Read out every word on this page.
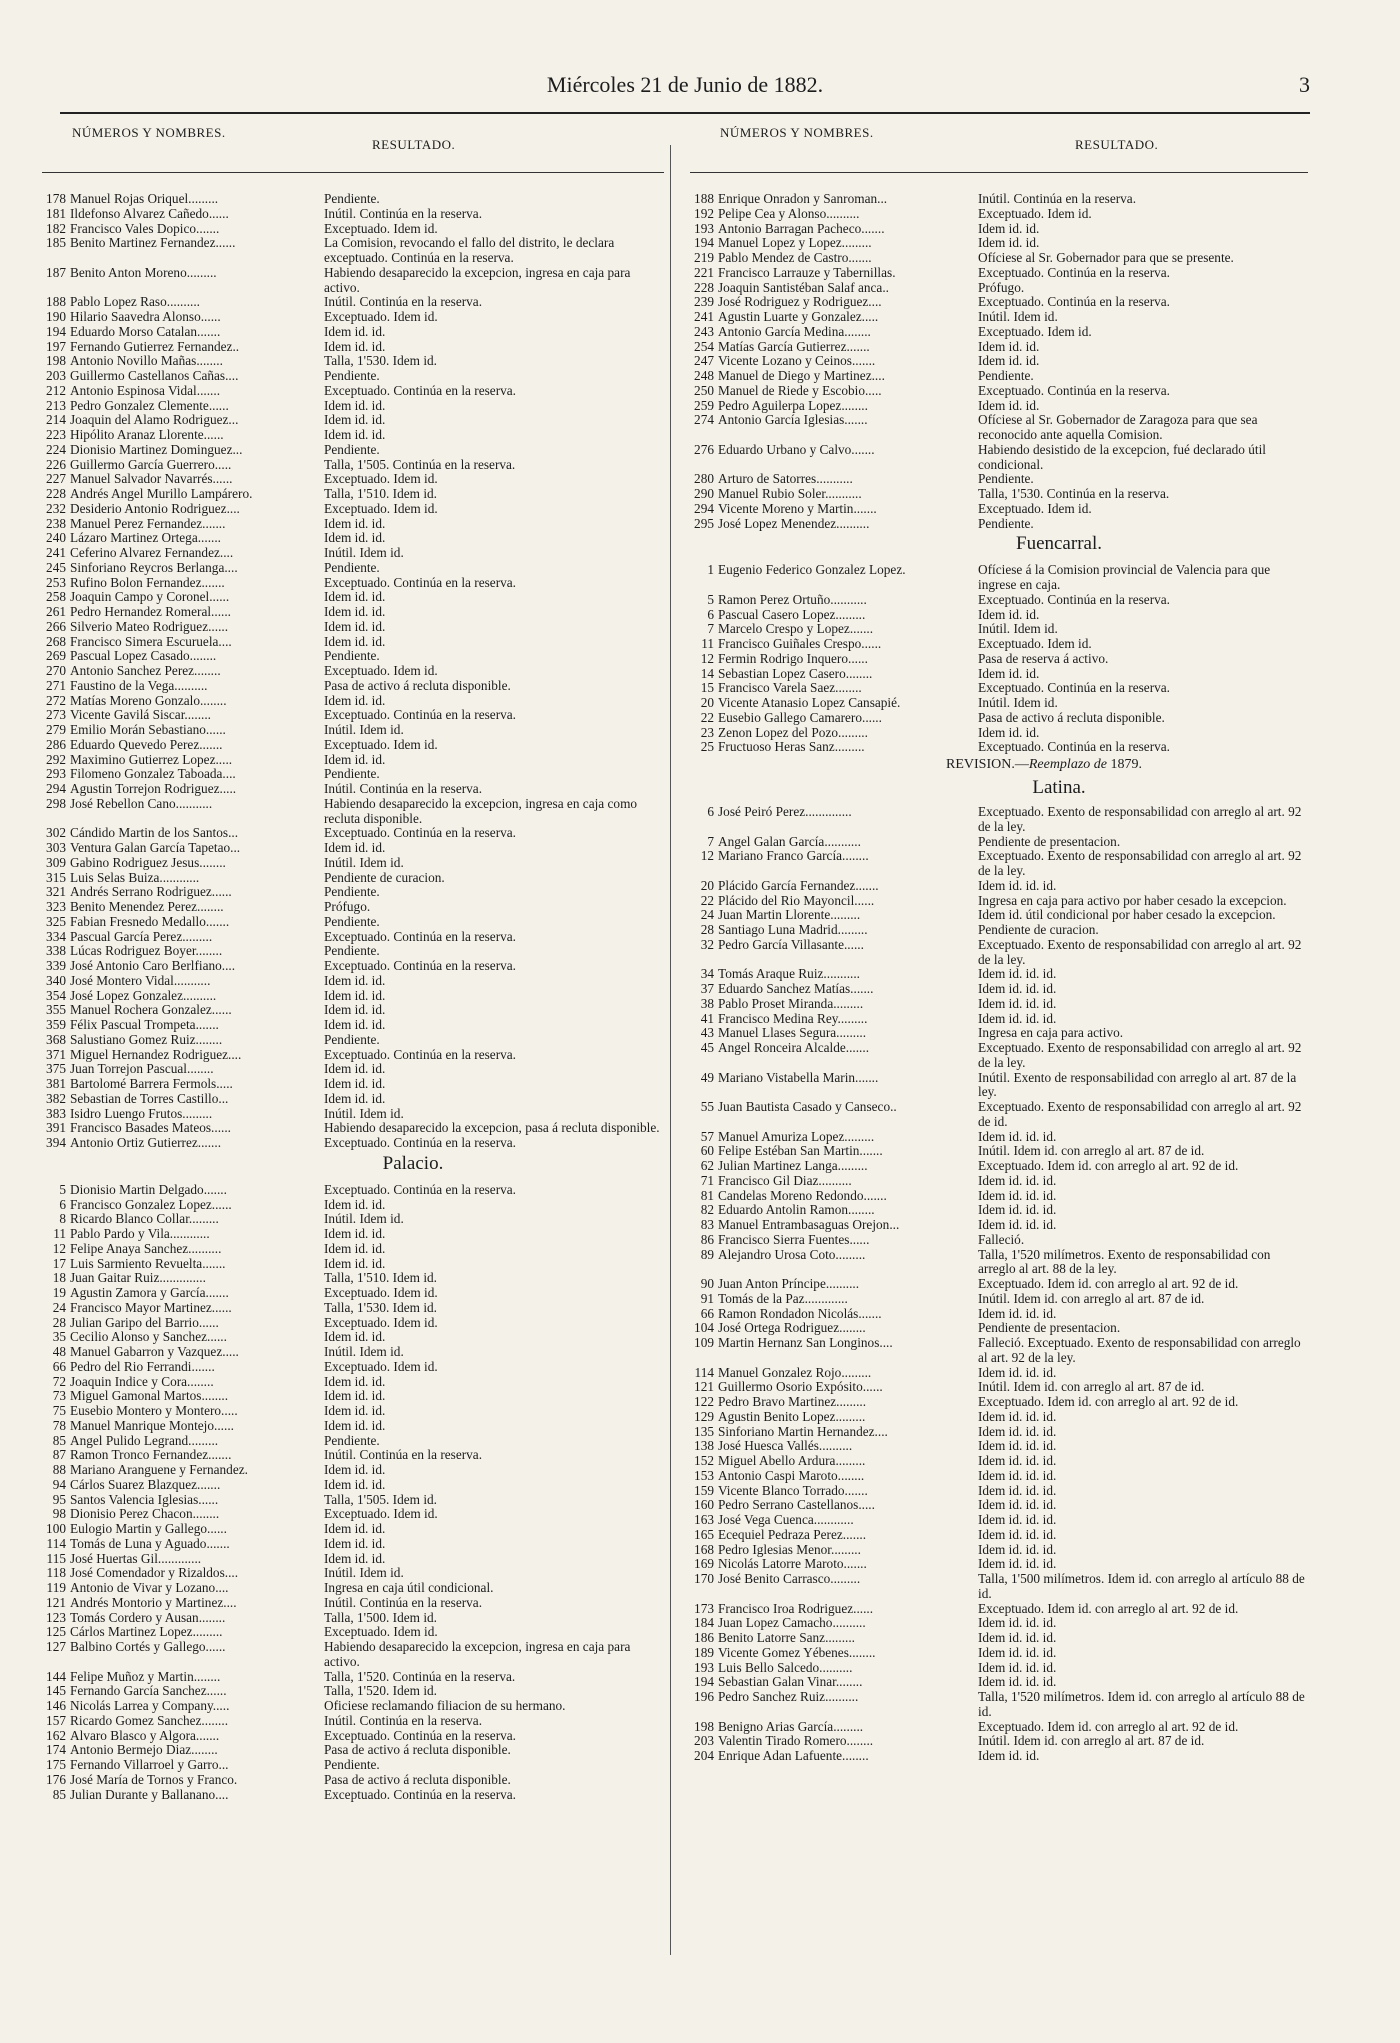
Miércoles 21 de Junio de 1882.	3
NÚMEROS Y NOMBRES.
RESULTADO.
178 Manuel Rojas Oriquel.........	Pendiente.
181 Ildefonso Alvarez Cañedo......	Inútil. Continúa en la reserva.
182 Francisco Vales Dopico.......	Exceptuado. Idem id.
185 Benito Martinez Fernandez......	La Comision, revocando el fallo del distrito, le declara exceptuado. Continúa en la reserva.
187 Benito Anton Moreno.........	Habiendo desaparecido la excepcion, ingresa en caja para activo.
188 Pablo Lopez Raso..........	Inútil. Continúa en la reserva.
190 Hilario Saavedra Alonso......	Exceptuado. Idem id.
194 Eduardo Morso Catalan.......	Idem id. id.
197 Fernando Gutierrez Fernandez..	Idem id. id.
198 Antonio Novillo Mañas........	Talla, 1'530. Idem id.
203 Guillermo Castellanos Cañas....	Pendiente.
212 Antonio Espinosa Vidal.......	Exceptuado. Continúa en la reserva.
213 Pedro Gonzalez Clemente......	Idem id. id.
214 Joaquin del Alamo Rodriguez...	Idem id. id.
223 Hipólito Aranaz Llorente......	Idem id. id.
224 Dionisio Martinez Dominguez...	Pendiente.
226 Guillermo García Guerrero.....	Talla, 1'505. Continúa en la reserva.
227 Manuel Salvador Navarrés......	Exceptuado. Idem id.
228 Andrés Angel Murillo Lampárero.	Talla, 1'510. Idem id.
232 Desiderio Antonio Rodriguez....	Exceptuado. Idem id.
238 Manuel Perez Fernandez.......	Idem id. id.
240 Lázaro Martinez Ortega.......	Idem id. id.
241 Ceferino Alvarez Fernandez....	Inútil. Idem id.
245 Sinforiano Reycros Berlanga....	Pendiente.
253 Rufino Bolon Fernandez.......	Exceptuado. Continúa en la reserva.
258 Joaquin Campo y Coronel......	Idem id. id.
261 Pedro Hernandez Romeral......	Idem id. id.
266 Silverio Mateo Rodriguez......	Idem id. id.
268 Francisco Simera Escuruela....	Idem id. id.
269 Pascual Lopez Casado........	Pendiente.
270 Antonio Sanchez Perez........	Exceptuado. Idem id.
271 Faustino de la Vega..........	Pasa de activo á recluta disponible.
272 Matías Moreno Gonzalo........	Idem id. id.
273 Vicente Gavilá Siscar........	Exceptuado. Continúa en la reserva.
279 Emilio Morán Sebastiano......	Inútil. Idem id.
286 Eduardo Quevedo Perez.......	Exceptuado. Idem id.
292 Maximino Gutierrez Lopez.....	Idem id. id.
293 Filomeno Gonzalez Taboada....	Pendiente.
294 Agustin Torrejon Rodriguez.....	Inútil. Continúa en la reserva.
298 José Rebellon Cano...........	Habiendo desaparecido la excepcion, ingresa en caja como recluta disponible.
302 Cándido Martin de los Santos...	Exceptuado. Continúa en la reserva.
303 Ventura Galan García Tapetao...	Idem id. id.
309 Gabino Rodriguez Jesus........	Inútil. Idem id.
315 Luis Selas Buiza............	Pendiente de curacion.
321 Andrés Serrano Rodriguez......	Pendiente.
323 Benito Menendez Perez........	Prófugo.
325 Fabian Fresnedo Medallo.......	Pendiente.
334 Pascual García Perez.........	Exceptuado. Continúa en la reserva.
338 Lúcas Rodriguez Boyer........	Pendiente.
339 José Antonio Caro Berlfiano....	Exceptuado. Continúa en la reserva.
340 José Montero Vidal...........	Idem id. id.
354 José Lopez Gonzalez..........	Idem id. id.
355 Manuel Rochera Gonzalez......	Idem id. id.
359 Félix Pascual Trompeta.......	Idem id. id.
368 Salustiano Gomez Ruiz........	Pendiente.
371 Miguel Hernandez Rodriguez....	Exceptuado. Continúa en la reserva.
375 Juan Torrejon Pascual........	Idem id. id.
381 Bartolomé Barrera Fermols.....	Idem id. id.
382 Sebastian de Torres Castillo...	Idem id. id.
383 Isidro Luengo Frutos.........	Inútil. Idem id.
391 Francisco Basades Mateos......	Habiendo desaparecido la excepcion, pasa á recluta disponible.
394 Antonio Ortiz Gutierrez.......	Exceptuado. Continúa en la reserva.
Palacio.
5 Dionisio Martin Delgado.......	Exceptuado. Continúa en la reserva.
6 Francisco Gonzalez Lopez......	Idem id. id.
8 Ricardo Blanco Collar.........	Inútil. Idem id.
11 Pablo Pardo y Vila............	Idem id. id.
12 Felipe Anaya Sanchez..........	Idem id. id.
17 Luis Sarmiento Revuelta.......	Idem id. id.
18 Juan Gaitar Ruiz..............	Talla, 1'510. Idem id.
19 Agustin Zamora y García.......	Exceptuado. Idem id.
24 Francisco Mayor Martinez......	Talla, 1'530. Idem id.
28 Julian Garipo del Barrio......	Exceptuado. Idem id.
35 Cecilio Alonso y Sanchez......	Idem id. id.
48 Manuel Gabarron y Vazquez.....	Inútil. Idem id.
66 Pedro del Rio Ferrandi.......	Exceptuado. Idem id.
72 Joaquin Indice y Cora........	Idem id. id.
73 Miguel Gamonal Martos........	Idem id. id.
75 Eusebio Montero y Montero.....	Idem id. id.
78 Manuel Manrique Montejo......	Idem id. id.
85 Angel Pulido Legrand.........	Pendiente.
87 Ramon Tronco Fernandez.......	Inútil. Continúa en la reserva.
88 Mariano Aranguene y Fernandez.	Idem id. id.
94 Cárlos Suarez Blazquez.......	Idem id. id.
95 Santos Valencia Iglesias......	Talla, 1'505. Idem id.
98 Dionisio Perez Chacon........	Exceptuado. Idem id.
100 Eulogio Martin y Gallego......	Idem id. id.
114 Tomás de Luna y Aguado.......	Idem id. id.
115 José Huertas Gil.............	Idem id. id.
118 José Comendador y Rizaldos....	Inútil. Idem id.
119 Antonio de Vivar y Lozano....	Ingresa en caja útil condicional.
121 Andrés Montorio y Martinez....	Inútil. Continúa en la reserva.
123 Tomás Cordero y Ausan........	Talla, 1'500. Idem id.
125 Cárlos Martinez Lopez.........	Exceptuado. Idem id.
127 Balbino Cortés y Gallego......	Habiendo desaparecido la excepcion, ingresa en caja para activo.
144 Felipe Muñoz y Martin........	Talla, 1'520. Continúa en la reserva.
145 Fernando García Sanchez......	Talla, 1'520. Idem id.
146 Nicolás Larrea y Company.....	Oficiese reclamando filiacion de su hermano.
157 Ricardo Gomez Sanchez........	Inútil. Continúa en la reserva.
162 Alvaro Blasco y Algora.......	Exceptuado. Continúa en la reserva.
174 Antonio Bermejo Diaz........	Pasa de activo á recluta disponible.
175 Fernando Villarroel y Garro...	Pendiente.
176 José María de Tornos y Franco.	Pasa de activo á recluta disponible.
85 Julian Durante y Ballanano....	Exceptuado. Continúa en la reserva.
NÚMEROS Y NOMBRES.
RESULTADO.
188 Enrique Onradon y Sanroman...	Inútil. Continúa en la reserva.
192 Pelipe Cea y Alonso..........	Exceptuado. Idem id.
193 Antonio Barragan Pacheco.......	Idem id. id.
194 Manuel Lopez y Lopez.........	Idem id. id.
219 Pablo Mendez de Castro.......	Ofíciese al Sr. Gobernador para que se presente.
221 Francisco Larrauze y Tabernillas.	Exceptuado. Continúa en la reserva.
228 Joaquin Santistéban Salaf anca..	Prófugo.
239 José Rodriguez y Rodriguez....	Exceptuado. Continúa en la reserva.
241 Agustin Luarte y Gonzalez.....	Inútil. Idem id.
243 Antonio García Medina........	Exceptuado. Idem id.
254 Matías García Gutierrez.......	Idem id. id.
247 Vicente Lozano y Ceinos.......	Idem id. id.
248 Manuel de Diego y Martinez....	Pendiente.
250 Manuel de Riede y Escobio.....	Exceptuado. Continúa en la reserva.
259 Pedro Aguilerpa Lopez........	Idem id. id.
274 Antonio García Iglesias.......	Ofíciese al Sr. Gobernador de Zaragoza para que sea reconocido ante aquella Comision.
276 Eduardo Urbano y Calvo.......	Habiendo desistido de la excepcion, fué declarado útil condicional.
280 Arturo de Satorres...........	Pendiente.
290 Manuel Rubio Soler...........	Talla, 1'530. Continúa en la reserva.
294 Vicente Moreno y Martin.......	Exceptuado. Idem id.
295 José Lopez Menendez..........	Pendiente.
Fuencarral.
1 Eugenio Federico Gonzalez Lopez.	Ofíciese á la Comision provincial de Valencia para que ingrese en caja.
5 Ramon Perez Ortuño...........	Exceptuado. Continúa en la reserva.
6 Pascual Casero Lopez.........	Idem id. id.
7 Marcelo Crespo y Lopez.......	Inútil. Idem id.
11 Francisco Guiñales Crespo......	Exceptuado. Idem id.
12 Fermin Rodrigo Inquero......	Pasa de reserva á activo.
14 Sebastian Lopez Casero........	Idem id. id.
15 Francisco Varela Saez........	Exceptuado. Continúa en la reserva.
20 Vicente Atanasio Lopez Cansapié.	Inútil. Idem id.
22 Eusebio Gallego Camarero......	Pasa de activo á recluta disponible.
23 Zenon Lopez del Pozo.........	Idem id. id.
25 Fructuoso Heras Sanz.........	Exceptuado. Continúa en la reserva.
REVISION.—Reemplazo de 1879.
Latina.
6 José Peiró Perez..............	Exceptuado. Exento de responsabilidad con arreglo al art. 92 de la ley.
7 Angel Galan García...........	Pendiente de presentacion.
12 Mariano Franco García........	Exceptuado. Exento de responsabilidad con arreglo al art. 92 de la ley.
20 Plácido García Fernandez.......	Idem id. id. id.
22 Plácido del Rio Mayoncil......	Ingresa en caja para activo por haber cesado la excepcion.
24 Juan Martin Llorente.........	Idem id. útil condicional por haber cesado la excepcion.
28 Santiago Luna Madrid.........	Pendiente de curacion.
32 Pedro García Villasante......	Exceptuado. Exento de responsabilidad con arreglo al art. 92 de la ley.
34 Tomás Araque Ruiz...........	Idem id. id. id.
37 Eduardo Sanchez Matías.......	Idem id. id. id.
38 Pablo Proset Miranda.........	Idem id. id. id.
41 Francisco Medina Rey.........	Idem id. id. id.
43 Manuel Llases Segura.........	Ingresa en caja para activo.
45 Angel Ronceira Alcalde.......	Exceptuado. Exento de responsabilidad con arreglo al art. 92 de la ley.
49 Mariano Vistabella Marin.......	Inútil. Exento de responsabilidad con arreglo al art. 87 de la ley.
55 Juan Bautista Casado y Canseco..	Exceptuado. Exento de responsabilidad con arreglo al art. 92 de id.
57 Manuel Amuriza Lopez.........	Idem id. id. id.
60 Felipe Estéban San Martin.......	Inútil. Idem id. con arreglo al art. 87 de id.
62 Julian Martinez Langa.........	Exceptuado. Idem id. con arreglo al art. 92 de id.
71 Francisco Gil Diaz..........	Idem id. id. id.
81 Candelas Moreno Redondo.......	Idem id. id. id.
82 Eduardo Antolin Ramon........	Idem id. id. id.
83 Manuel Entrambasaguas Orejon...	Idem id. id. id.
86 Francisco Sierra Fuentes......	Falleció.
89 Alejandro Urosa Coto.........	Talla, 1'520 milímetros. Exento de responsabilidad con arreglo al art. 88 de la ley.
90 Juan Anton Príncipe..........	Exceptuado. Idem id. con arreglo al art. 92 de id.
91 Tomás de la Paz.............	Inútil. Idem id. con arreglo al art. 87 de id.
66 Ramon Rondadon Nicolás.......	Idem id. id. id.
104 José Ortega Rodriguez........	Pendiente de presentacion.
109 Martin Hernanz San Longinos....	Falleció. Exceptuado. Exento de responsabilidad con arreglo al art. 92 de la ley.
114 Manuel Gonzalez Rojo.........	Idem id. id. id.
121 Guillermo Osorio Expósito......	Inútil. Idem id. con arreglo al art. 87 de id.
122 Pedro Bravo Martinez.........	Exceptuado. Idem id. con arreglo al art. 92 de id.
129 Agustin Benito Lopez.........	Idem id. id. id.
135 Sinforiano Martin Hernandez....	Idem id. id. id.
138 José Huesca Vallés..........	Idem id. id. id.
152 Miguel Abello Ardura.........	Idem id. id. id.
153 Antonio Caspi Maroto........	Idem id. id. id.
159 Vicente Blanco Torrado.......	Idem id. id. id.
160 Pedro Serrano Castellanos.....	Idem id. id. id.
163 José Vega Cuenca............	Idem id. id. id.
165 Ecequiel Pedraza Perez.......	Idem id. id. id.
168 Pedro Iglesias Menor.........	Idem id. id. id.
169 Nicolás Latorre Maroto.......	Idem id. id. id.
170 José Benito Carrasco.........	Talla, 1'500 milímetros. Idem id. con arreglo al artículo 88 de id.
173 Francisco Iroa Rodriguez......	Exceptuado. Idem id. con arreglo al art. 92 de id.
184 Juan Lopez Camacho..........	Idem id. id. id.
186 Benito Latorre Sanz.........	Idem id. id. id.
189 Vicente Gomez Yébenes........	Idem id. id. id.
193 Luis Bello Salcedo..........	Idem id. id. id.
194 Sebastian Galan Vinar........	Idem id. id. id.
196 Pedro Sanchez Ruiz..........	Talla, 1'520 milímetros. Idem id. con arreglo al artículo 88 de id.
198 Benigno Arias García.........	Exceptuado. Idem id. con arreglo al art. 92 de id.
203 Valentin Tirado Romero........	Inútil. Idem id. con arreglo al art. 87 de id.
204 Enrique Adan Lafuente........	Idem id. id.
